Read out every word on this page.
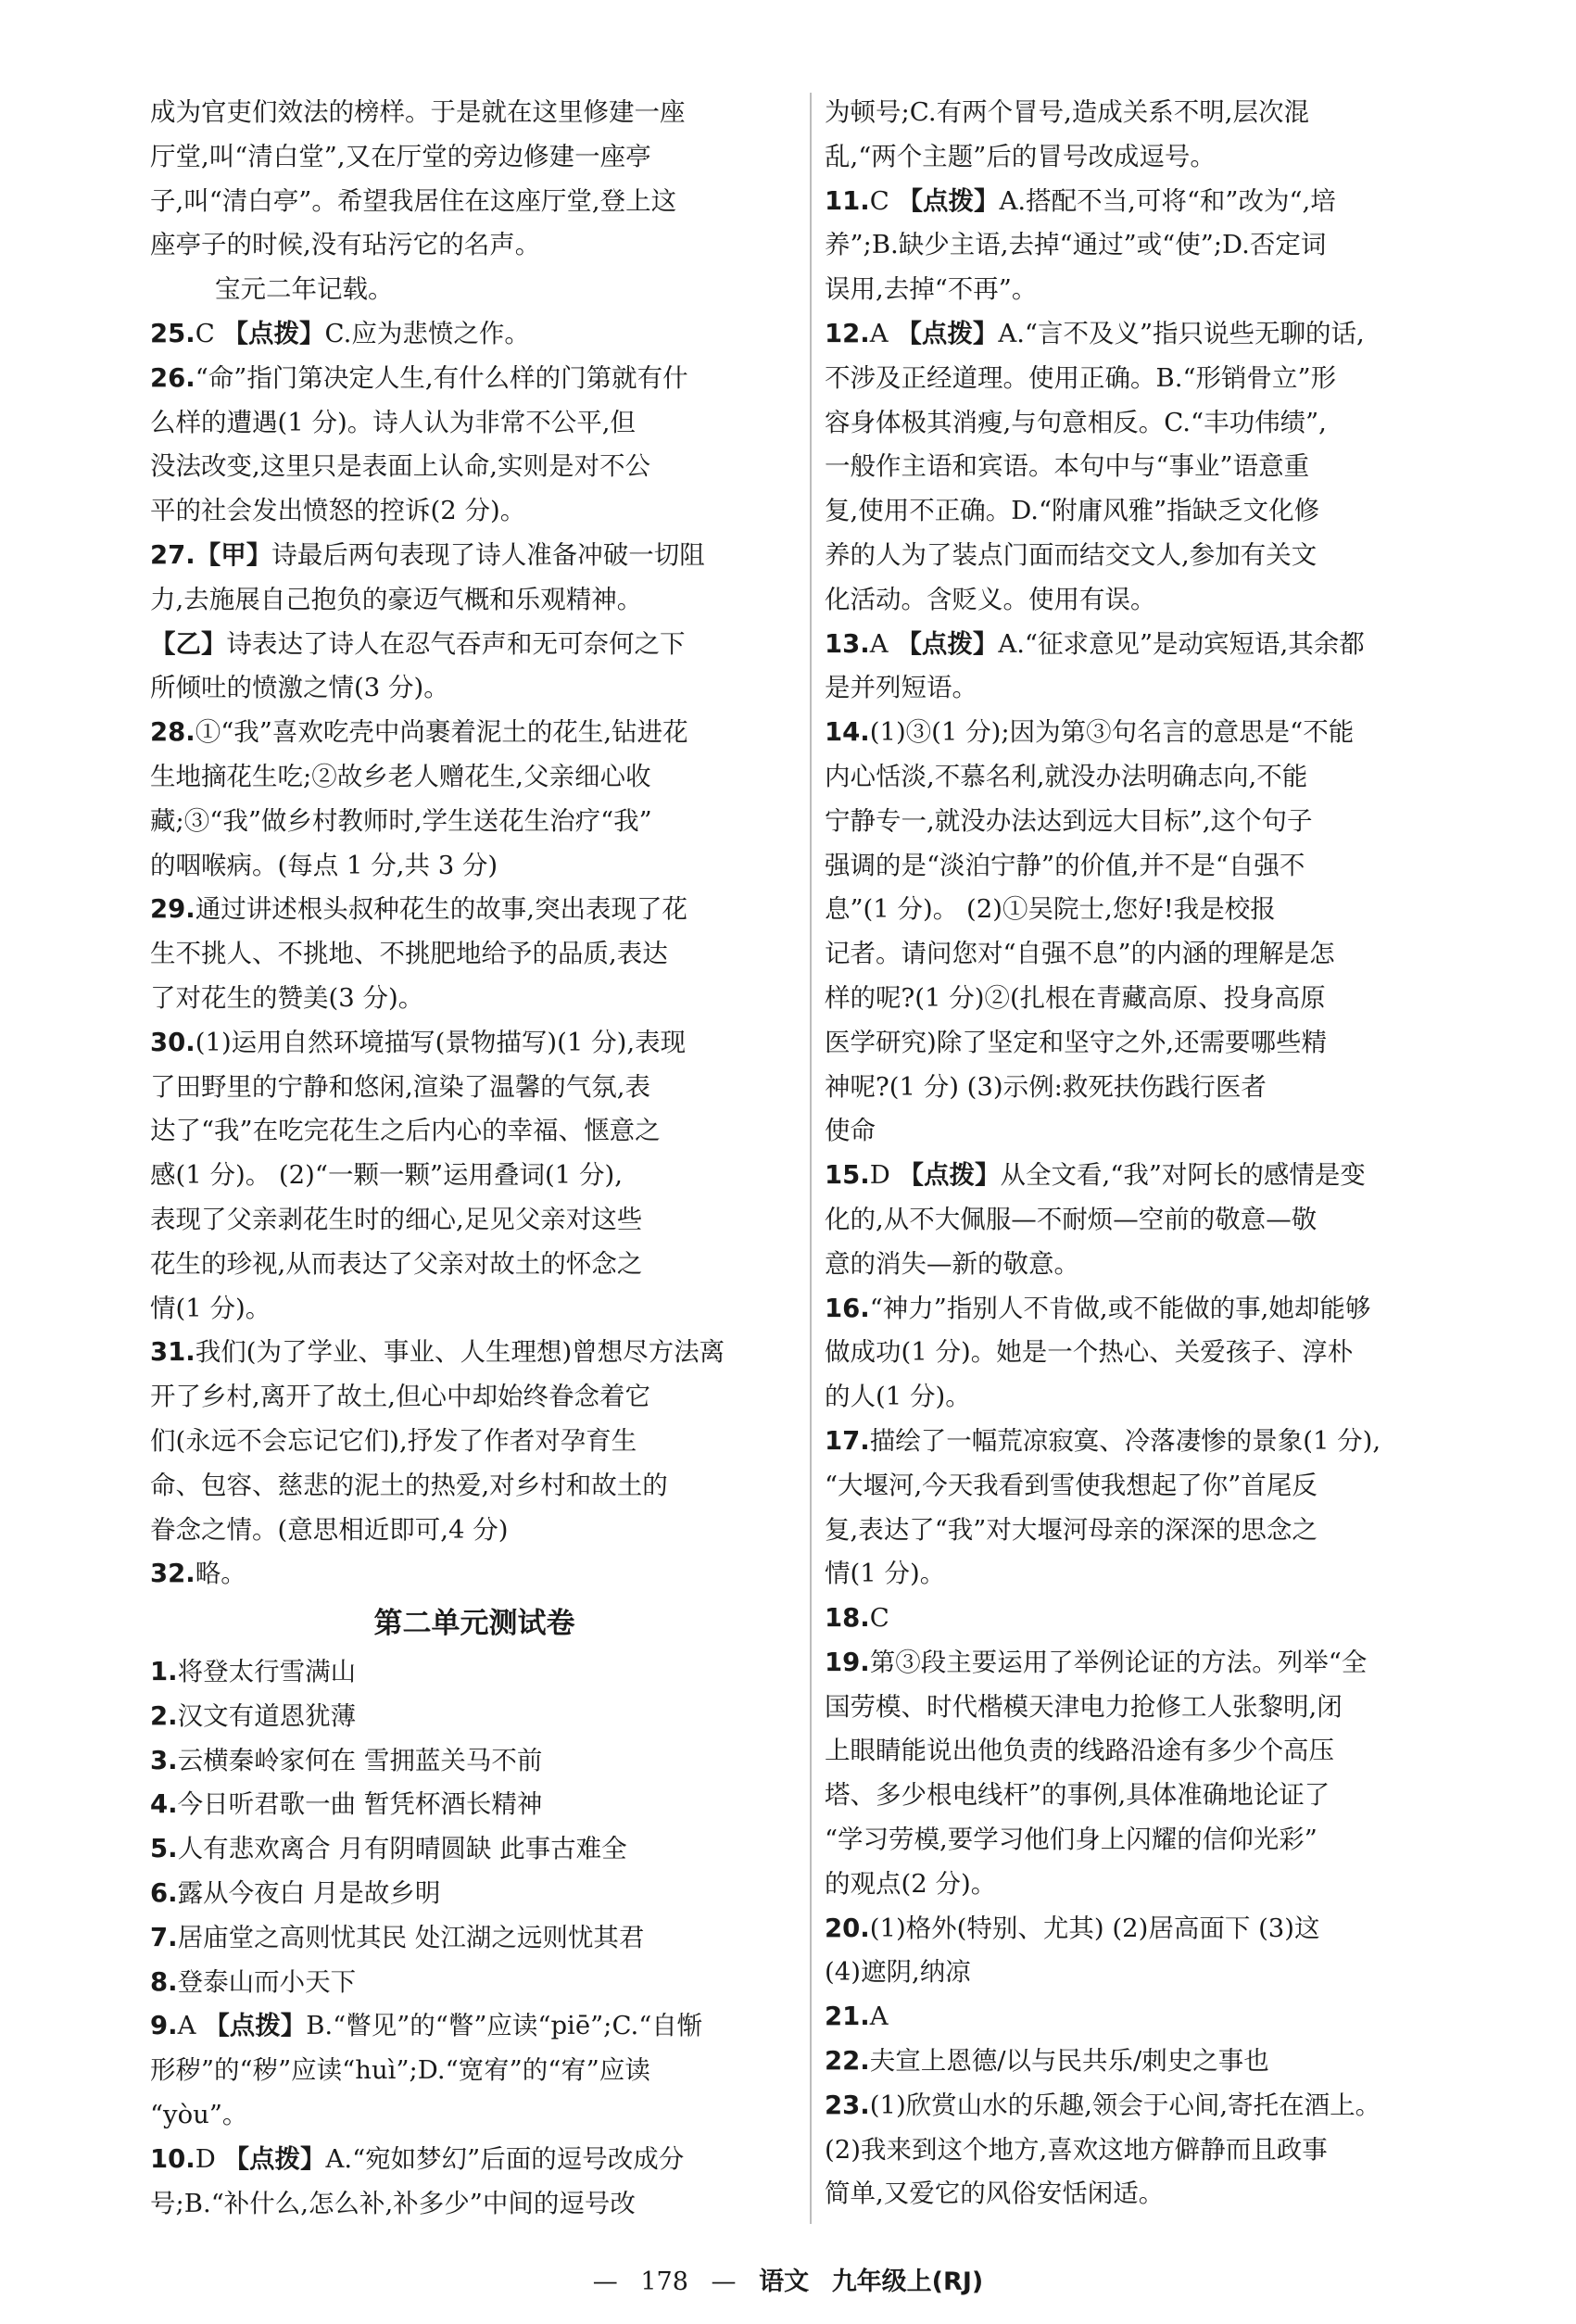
成为官吏们效法的榜样。于是就在这里修建一座
厅堂,叫“清白堂”,又在厅堂的旁边修建一座亭
子,叫“清白亭”。希望我居住在这座厅堂,登上这
座亭子的时候,没有玷污它的名声。
宝元二年记载。
25.C 【点拨】C.应为悲愤之作。
26.“命”指门第决定人生,有什么样的门第就有什
么样的遭遇(1 分)。诗人认为非常不公平,但
没法改变,这里只是表面上认命,实则是对不公
平的社会发出愤怒的控诉(2 分)。
27.【甲】诗最后两句表现了诗人准备冲破一切阻
力,去施展自己抱负的豪迈气概和乐观精神。
【乙】诗表达了诗人在忍气吞声和无可奈何之下
所倾吐的愤激之情(3 分)。
28.①“我”喜欢吃壳中尚裹着泥土的花生,钻进花
生地摘花生吃;②故乡老人赠花生,父亲细心收
藏;③“我”做乡村教师时,学生送花生治疗“我”
的咽喉病。(每点 1 分,共 3 分)
29.通过讲述根头叔种花生的故事,突出表现了花
生不挑人、不挑地、不挑肥地给予的品质,表达
了对花生的赞美(3 分)。
30.(1)运用自然环境描写(景物描写)(1 分),表现
了田野里的宁静和悠闲,渲染了温馨的气氛,表
达了“我”在吃完花生之后内心的幸福、惬意之
感(1 分)。 (2)“一颗一颗”运用叠词(1 分),
表现了父亲剥花生时的细心,足见父亲对这些
花生的珍视,从而表达了父亲对故土的怀念之
情(1 分)。
31.我们(为了学业、事业、人生理想)曾想尽方法离
开了乡村,离开了故土,但心中却始终眷念着它
们(永远不会忘记它们),抒发了作者对孕育生
命、包容、慈悲的泥土的热爱,对乡村和故土的
眷念之情。(意思相近即可,4 分)
32.略。
第二单元测试卷
1.将登太行雪满山
2.汉文有道恩犹薄
3.云横秦岭家何在 雪拥蓝关马不前
4.今日听君歌一曲 暂凭杯酒长精神
5.人有悲欢离合 月有阴晴圆缺 此事古难全
6.露从今夜白 月是故乡明
7.居庙堂之高则忧其民 处江湖之远则忧其君
8.登泰山而小天下
9.A 【点拨】B.“瞥见”的“瞥”应读“piē”;C.“自惭
形秽”的“秽”应读“huì”;D.“宽宥”的“宥”应读
“yòu”。
10.D 【点拨】A.“宛如梦幻”后面的逗号改成分
号;B.“补什么,怎么补,补多少”中间的逗号改
为顿号;C.有两个冒号,造成关系不明,层次混
乱,“两个主题”后的冒号改成逗号。
11.C 【点拨】A.搭配不当,可将“和”改为“,培
养”;B.缺少主语,去掉“通过”或“使”;D.否定词
误用,去掉“不再”。
12.A 【点拨】A.“言不及义”指只说些无聊的话,
不涉及正经道理。使用正确。B.“形销骨立”形
容身体极其消瘦,与句意相反。C.“丰功伟绩”,
一般作主语和宾语。本句中与“事业”语意重
复,使用不正确。D.“附庸风雅”指缺乏文化修
养的人为了装点门面而结交文人,参加有关文
化活动。含贬义。使用有误。
13.A 【点拨】A.“征求意见”是动宾短语,其余都
是并列短语。
14.(1)③(1 分);因为第③句名言的意思是“不能
内心恬淡,不慕名利,就没办法明确志向,不能
宁静专一,就没办法达到远大目标”,这个句子
强调的是“淡泊宁静”的价值,并不是“自强不
息”(1 分)。 (2)①吴院士,您好!我是校报
记者。请问您对“自强不息”的内涵的理解是怎
样的呢?(1 分)②(扎根在青藏高原、投身高原
医学研究)除了坚定和坚守之外,还需要哪些精
神呢?(1 分) (3)示例:救死扶伤践行医者
使命
15.D 【点拨】从全文看,“我”对阿长的感情是变
化的,从不大佩服—不耐烦—空前的敬意—敬
意的消失—新的敬意。
16.“神力”指别人不肯做,或不能做的事,她却能够
做成功(1 分)。她是一个热心、关爱孩子、淳朴
的人(1 分)。
17.描绘了一幅荒凉寂寞、冷落凄惨的景象(1 分),
“大堰河,今天我看到雪使我想起了你”首尾反
复,表达了“我”对大堰河母亲的深深的思念之
情(1 分)。
18.C
19.第③段主要运用了举例论证的方法。列举“全
国劳模、时代楷模天津电力抢修工人张黎明,闭
上眼睛能说出他负责的线路沿途有多少个高压
塔、多少根电线杆”的事例,具体准确地论证了
“学习劳模,要学习他们身上闪耀的信仰光彩”
的观点(2 分)。
20.(1)格外(特别、尤其) (2)居高面下 (3)这
(4)遮阴,纳凉
21.A
22.夫宣上恩德/以与民共乐/刺史之事也
23.(1)欣赏山水的乐趣,领会于心间,寄托在酒上。
(2)我来到这个地方,喜欢这地方僻静而且政事
简单,又爱它的风俗安恬闲适。
— 178 — 语文 九年级上(RJ)
